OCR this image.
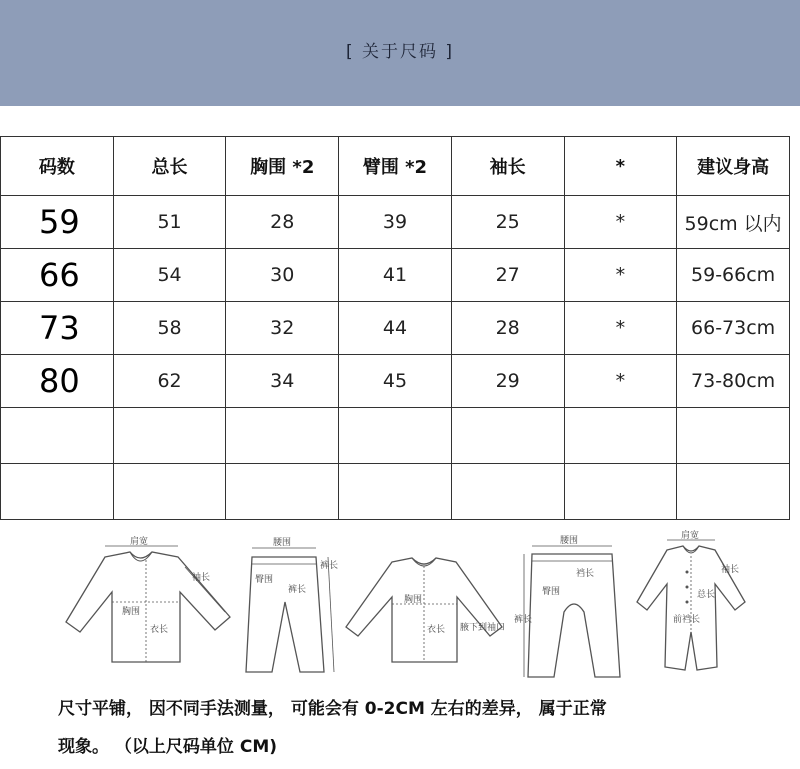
[ 关于尺码 ]
码数	总长	胸围 *2	臂围 *2	袖长	*	建议身高
59	51	28	39	25	*	59cm 以内
66	54	30	41	27	*	59-66cm
73	58	32	44	28	*	66-73cm
80	62	34	45	29	*	73-80cm

肩宽
袖长
胸围
衣长
腰围
臀围
裤长
裤长
胸围
衣长 腋下到袖口
腰围
臀围
裆长
裤长
肩宽
袖长
总长
前裆长
尺寸平铺， 因不同手法测量， 可能会有 0-2CM 左右的差异， 属于正常
现象。 （以上尺码单位 CM)
